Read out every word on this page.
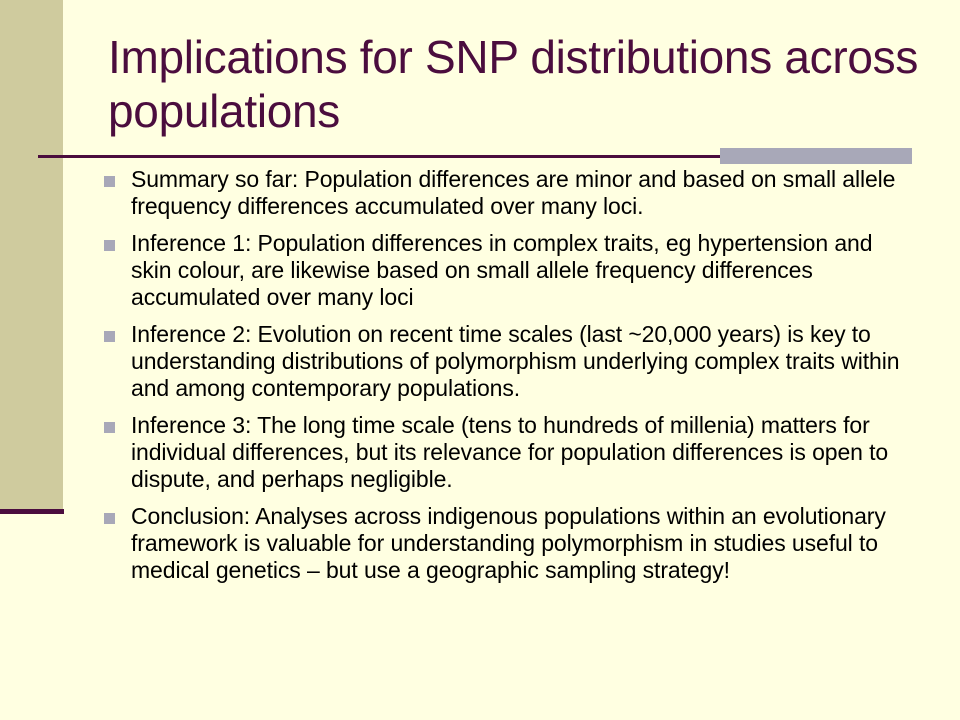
Implications for SNP distributions across populations
Summary so far: Population differences are minor and based on small allele frequency differences accumulated over many loci.
Inference 1: Population differences in complex traits, eg hypertension and skin colour, are likewise based on small allele frequency differences accumulated over many loci
Inference 2: Evolution on recent time scales (last ~20,000 years) is key to understanding distributions of polymorphism underlying complex traits within and among contemporary populations.
Inference 3: The long time scale (tens to hundreds of millenia) matters for individual differences, but its relevance for population differences is open to dispute, and perhaps negligible.
Conclusion: Analyses across indigenous populations within an evolutionary framework is valuable for understanding polymorphism in studies useful to medical genetics – but use a geographic sampling strategy!
